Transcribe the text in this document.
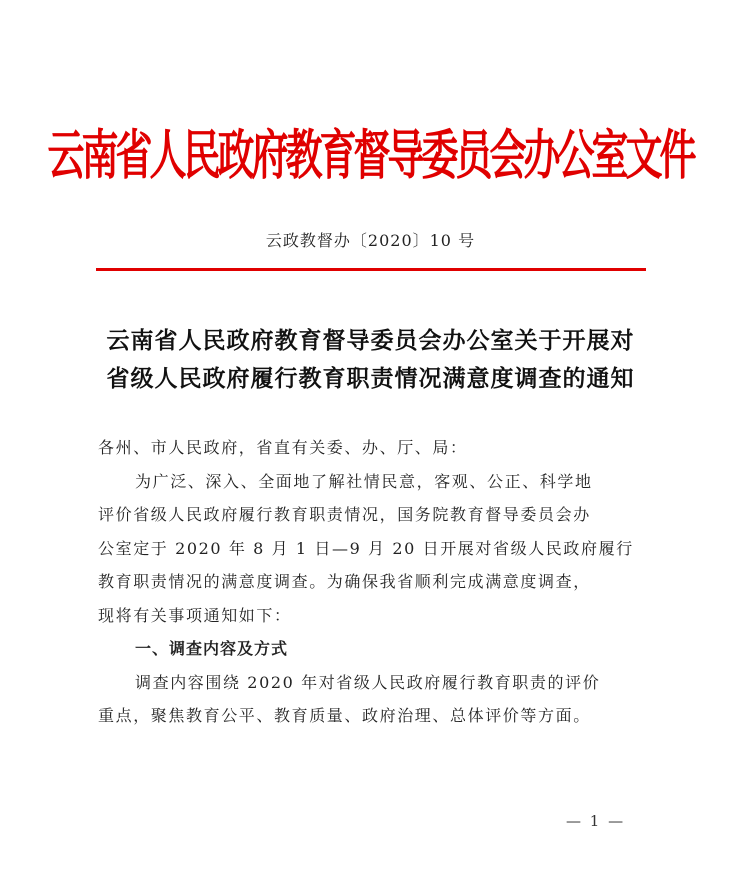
云南省人民政府教育督导委员会办公室文件
云政教督办〔2020〕10 号
云南省人民政府教育督导委员会办公室关于开展对
省级人民政府履行教育职责情况满意度调查的通知
各州、市人民政府，省直有关委、办、厅、局：
为广泛、深入、全面地了解社情民意，客观、公正、科学地
评价省级人民政府履行教育职责情况，国务院教育督导委员会办
公室定于 2020 年 8 月 1 日—9 月 20 日开展对省级人民政府履行
教育职责情况的满意度调查。为确保我省顺利完成满意度调查，
现将有关事项通知如下：
一、调查内容及方式
调查内容围绕 2020 年对省级人民政府履行教育职责的评价
重点，聚焦教育公平、教育质量、政府治理、总体评价等方面。
— 1 —
